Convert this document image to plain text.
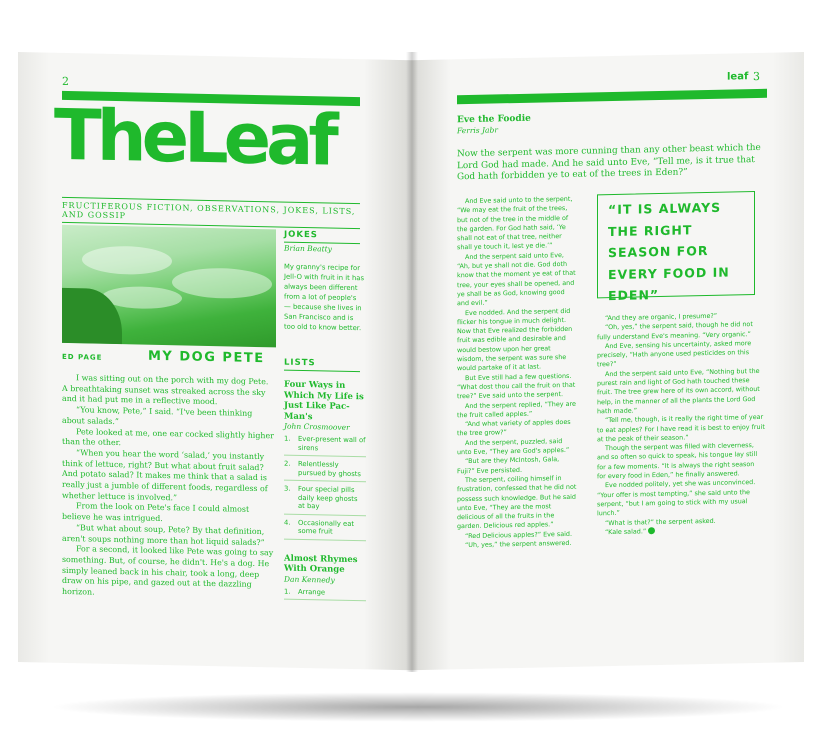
2
TheLeaf
FRUCTIFEROUS FICTION, OBSERVATIONS, JOKES, LISTS, AND GOSSIP
JOKES
Brian Beatty
My granny's recipe for Jell-O with fruit in it has always been different from a lot of people's — because she lives in San Francisco and is too old to know better.
LISTS
Four Ways in Which My Life is Just Like Pac-Man's
John Crosmoover
1.	Ever-present wall of sirens
2.	Relentlessly pursued by ghosts
3.	Four special pills daily keep ghosts at bay
4.	Occasionally eat some fruit
Almost Rhymes With Orange
Dan Kennedy
1.	Arrange
ED PAGE	MY DOG PETE

I was sitting out on the porch with my dog Pete. A breathtaking sunset was streaked across the sky and it had put me in a reflective mood.

“You know, Pete,” I said. “I've been thinking about salads.”

Pete looked at me, one ear cocked slightly higher than the other.

“When you hear the word ‘salad,’ you instantly think of lettuce, right? But what about fruit salad? And potato salad? It makes me think that a salad is really just a jumble of different foods, regardless of whether lettuce is involved.”

From the look on Pete's face I could almost believe he was intrigued.

“But what about soup, Pete? By that definition, aren't soups nothing more than hot liquid salads?”

For a second, it looked like Pete was going to say something. But, of course, he didn't. He's a dog. He simply leaned back in his chair, took a long, deep draw on his pipe, and gazed out at the dazzling horizon.

leaf 3
Eve the Foodie
Ferris Jabr
Now the serpent was more cunning than any other beast which the Lord God had made. And he said unto Eve, “Tell me, is it true that God hath forbidden ye to eat of the trees in Eden?”

And Eve said unto to the serpent, “We may eat the fruit of the trees, but not of the tree in the middle of the garden. For God hath said, ‘Ye shall not eat of that tree, neither shall ye touch it, lest ye die.’”

And the serpent said unto Eve, “Ah, but ye shall not die. God doth know that the moment ye eat of that tree, your eyes shall be opened, and ye shall be as God, knowing good and evil.”

Eve nodded. And the serpent did flicker his tongue in much delight. Now that Eve realized the forbidden fruit was edible and desirable and would bestow upon her great wisdom, the serpent was sure she would partake of it at last.

But Eve still had a few questions. “What dost thou call the fruit on that tree?” Eve said unto the serpent.

And the serpent replied, “They are the fruit called apples.”

“And what variety of apples does the tree grow?”

And the serpent, puzzled, said unto Eve, “They are God's apples.”

“But are they McIntosh, Gala, Fuji?” Eve persisted.

The serpent, coiling himself in frustration, confessed that he did not possess such knowledge. But he said unto Eve, “They are the most delicious of all the fruits in the garden. Delicious red apples.”

“Red Delicious apples?” Eve said.

“Uh, yes,” the serpent answered.

“IT IS ALWAYS THE RIGHT SEASON FOR EVERY FOOD IN EDEN”

“And they are organic, I presume?”

“Oh, yes,” the serpent said, though he did not fully understand Eve's meaning. “Very organic.”

And Eve, sensing his uncertainty, asked more precisely, “Hath anyone used pesticides on this tree?”

And the serpent said unto Eve, “Nothing but the purest rain and light of God hath touched these fruit. The tree grew here of its own accord, without help, in the manner of all the plants the Lord God hath made.”

“Tell me, though, is it really the right time of year to eat apples? For I have read it is best to enjoy fruit at the peak of their season.”

Though the serpent was filled with cleverness, and so often so quick to speak, his tongue lay still for a few moments. “It is always the right season for every food in Eden,” he finally answered.

Eve nodded politely, yet she was unconvinced. “Your offer is most tempting,” she said unto the serpent, “but I am going to stick with my usual lunch.”

“What is that?” the serpent asked.

“Kale salad.”
